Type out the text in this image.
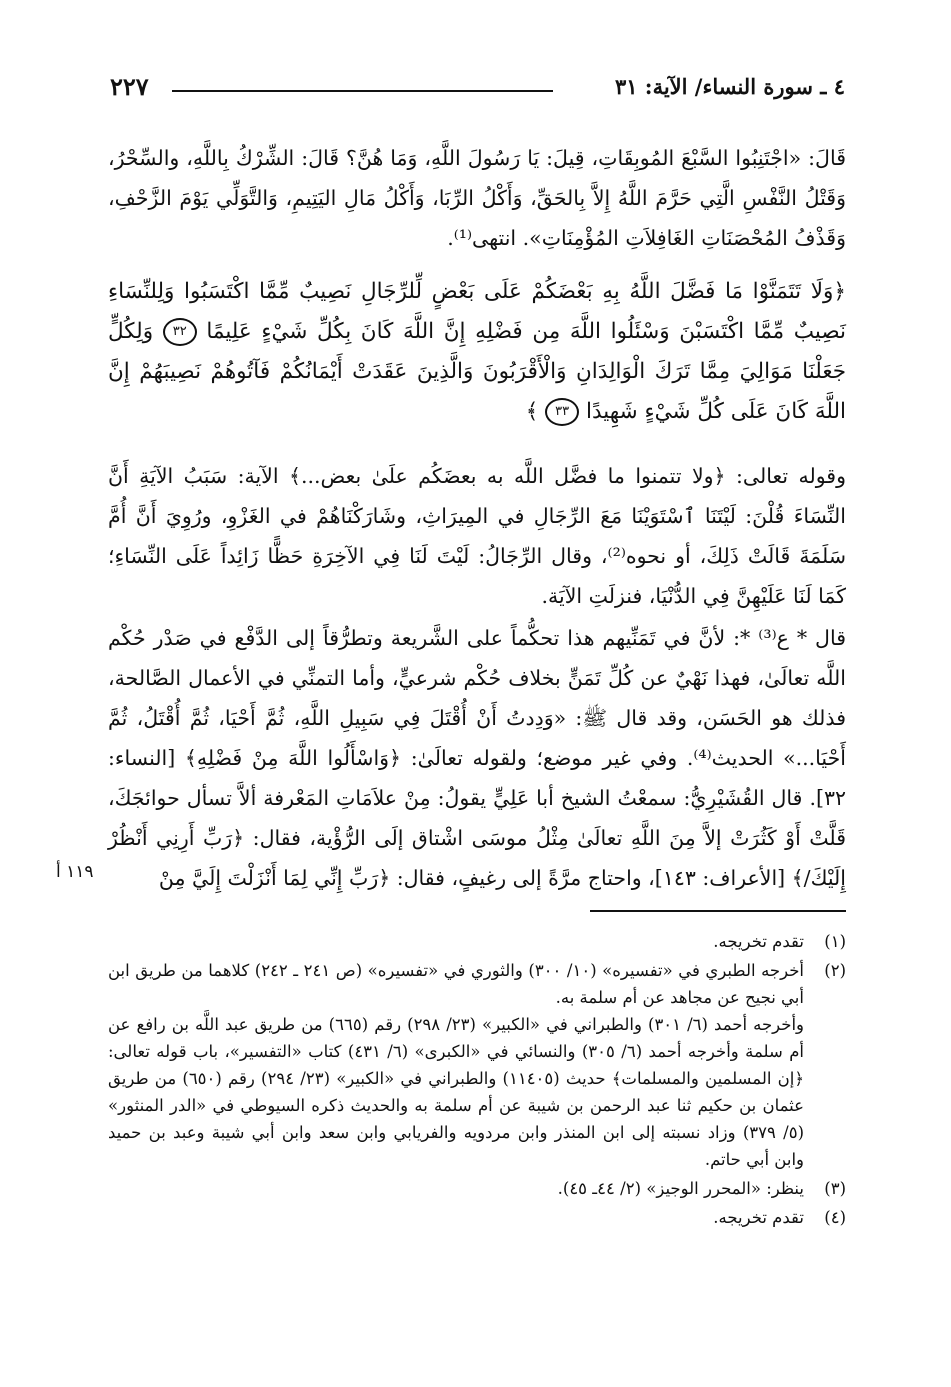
٤ ـ سورة النساء/ الآية: ٣١
٢٢٧

قَالَ: «اجْتَنِبُوا السَّبْعَ المُوبِقَاتِ، قِيلَ: يَا رَسُولَ اللَّهِ، وَمَا هُنَّ؟ قَالَ: الشِّرْكُ بِاللَّهِ، والسِّحْرُ، وَقَتْلُ النَّفْسِ الَّتِي حَرَّمَ اللَّهُ إِلاَّ بِالحَقِّ، وَأَكْلُ الرِّبَا، وَأَكْلُ مَالِ اليَتِيمِ، وَالتَّوَلِّي يَوْمَ الزَّحْفِ، وَقَذْفُ المُحْصَنَاتِ الغَافِلاَتِ المُؤْمِنَاتِ». انتهى⁽¹⁾.

﴿وَلَا تَتَمَنَّوْا مَا فَضَّلَ اللَّهُ بِهِ بَعْضَكُمْ عَلَى بَعْضٍ لِّلرِّجَالِ نَصِيبٌ مِّمَّا اكْتَسَبُوا وَلِلنِّسَاءِ نَصِيبٌ مِّمَّا اكْتَسَبْنَ وَسْئَلُوا اللَّهَ مِن فَضْلِهِ إِنَّ اللَّهَ كَانَ بِكُلِّ شَيْءٍ عَلِيمًا ٣٢ وَلِكُلٍّ جَعَلْنَا مَوَالِيَ مِمَّا تَرَكَ الْوَالِدَانِ وَالْأَقْرَبُونَ وَالَّذِينَ عَقَدَتْ أَيْمَانُكُمْ فَآتُوهُمْ نَصِيبَهُمْ إِنَّ اللَّهَ كَانَ عَلَى كُلِّ شَيْءٍ شَهِيدًا ٣٣ ﴾

وقوله تعالى: ﴿ولا تتمنوا ما فضَّل اللَّه به بعضَكُم علَىٰ بعض...﴾ الآية: سَبَبُ الآيَةِ أَنَّ النِّسَاءَ قُلْنَ: لَيْتَنَا ٱسْتَوَيْنَا مَعَ الرِّجَالِ في المِيرَاثِ، وشَارَكْنَاهُمْ في الغَزْوِ، ورُوِيَ أَنَّ أُمَّ سَلَمَةَ قَالَتْ ذَلِكَ، أو نحوه⁽²⁾، وقال الرِّجَالُ: لَيْتَ لَنَا فِي الآخِرَةِ حَظًّا زَائِداً عَلَى النِّسَاءِ؛ كَمَا لَنَا عَلَيْهِنَّ فِي الدُّنْيَا، فنزلَتِ الآيَة.

قال * ع⁽³⁾ *: لأنَّ في تَمَنِّيهم هذا تحكُّماً على الشَّريعة وتطرُّقاً إلى الدَّفْع في صَدْر حُكْم اللَّه تعالَىٰ، فهذا نَهْيٌ عن كُلِّ تَمَنٍّ بخلاف حُكْم شرعيٍّ، وأما التمنِّي في الأعمال الصَّالحة، فذلك هو الحَسَن، وقد قال ﷺ: «وَدِدتُ أَنْ أُقْتَلَ فِي سَبِيلِ اللَّهِ، ثُمَّ أَحْيَا، ثُمَّ أُقْتَلُ، ثُمَّ أَحْيَا...» الحديث⁽⁴⁾. وفي غير موضع؛ ولقوله تعالَىٰ: ﴿وَاسْأَلُوا اللَّهَ مِنْ فَضْلِهِ﴾ [النساء: ٣٢]. قال القُشَيْرِيُّ: سمعْتُ الشيخ أبا عَلِيٍّ يقولُ: مِنْ علاَمَاتِ المَعْرفة ألاَّ تسأل حوائجَكَ، قَلَّتْ أَوْ كَثُرَتْ إلاَّ مِنَ اللَّهِ تعالَىٰ مِثْلُ موسَى اشْتاق إلَى الرُّؤْية، فقال: ﴿رَبِّ أَرِنِي أَنْظُرْ إِلَيْكَ/﴾ [الأعراف: ١٤٣]، واحتاج مرَّةً إلى رغيفٍ، فقال: ﴿رَبِّ إِنِّي لِمَا أَنْزَلْتَ إِلَيَّ مِنْ

١١٩ أ
(١)

تقدم تخريجه.

(٢)

أخرجه الطبري في «تفسيره» (١٠/ ٣٠٠) والثوري في «تفسيره» (ص ٢٤١ ـ ٢٤٢) كلاهما من طريق ابن أبي نجيح عن مجاهد عن أم سلمة به.

وأخرجه أحمد (٦/ ٣٠١) والطبراني في «الكبير» (٢٣/ ٢٩٨) رقم (٦٦٥) من طريق عبد اللَّه بن رافع عن أم سلمة وأخرجه أحمد (٦/ ٣٠٥) والنسائي في «الكبرى» (٦/ ٤٣١) كتاب «التفسير»، باب قوله تعالى: ﴿إن المسلمين والمسلمات﴾ حديث (١١٤٠٥) والطبراني في «الكبير» (٢٣/ ٢٩٤) رقم (٦٥٠) من طريق عثمان بن حكيم ثنا عبد الرحمن بن شيبة عن أم سلمة به والحديث ذكره السيوطي في «الدر المنثور» (٥/ ٣٧٩) وزاد نسبته إلى ابن المنذر وابن مردويه والفريابي وابن سعد وابن أبي شيبة وعبد بن حميد وابن أبي حاتم.

(٣)

ينظر: «المحرر الوجيز» (٢/ ٤٤ـ ٤٥).

(٤)

تقدم تخريجه.
